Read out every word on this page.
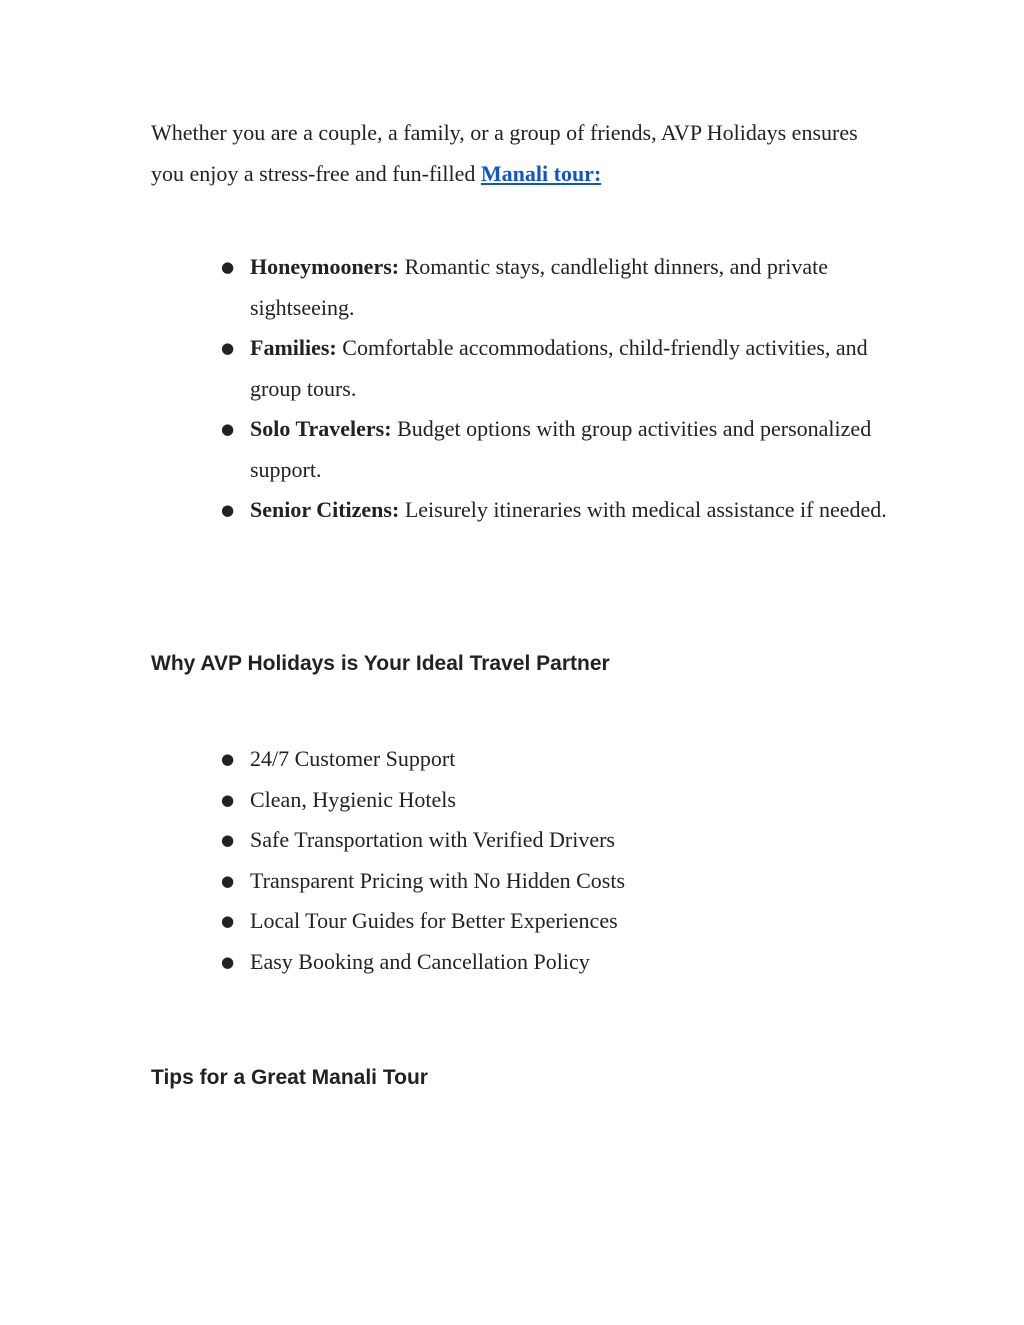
Whether you are a couple, a family, or a group of friends, AVP Holidays ensures you enjoy a stress-free and fun-filled Manali tour:

● Honeymooners: Romantic stays, candlelight dinners, and private sightseeing.
● Families: Comfortable accommodations, child-friendly activities, and group tours.
● Solo Travelers: Budget options with group activities and personalized support.
● Senior Citizens: Leisurely itineraries with medical assistance if needed.
Why AVP Holidays is Your Ideal Travel Partner
● 24/7 Customer Support
● Clean, Hygienic Hotels
● Safe Transportation with Verified Drivers
● Transparent Pricing with No Hidden Costs
● Local Tour Guides for Better Experiences
● Easy Booking and Cancellation Policy
Tips for a Great Manali Tour
